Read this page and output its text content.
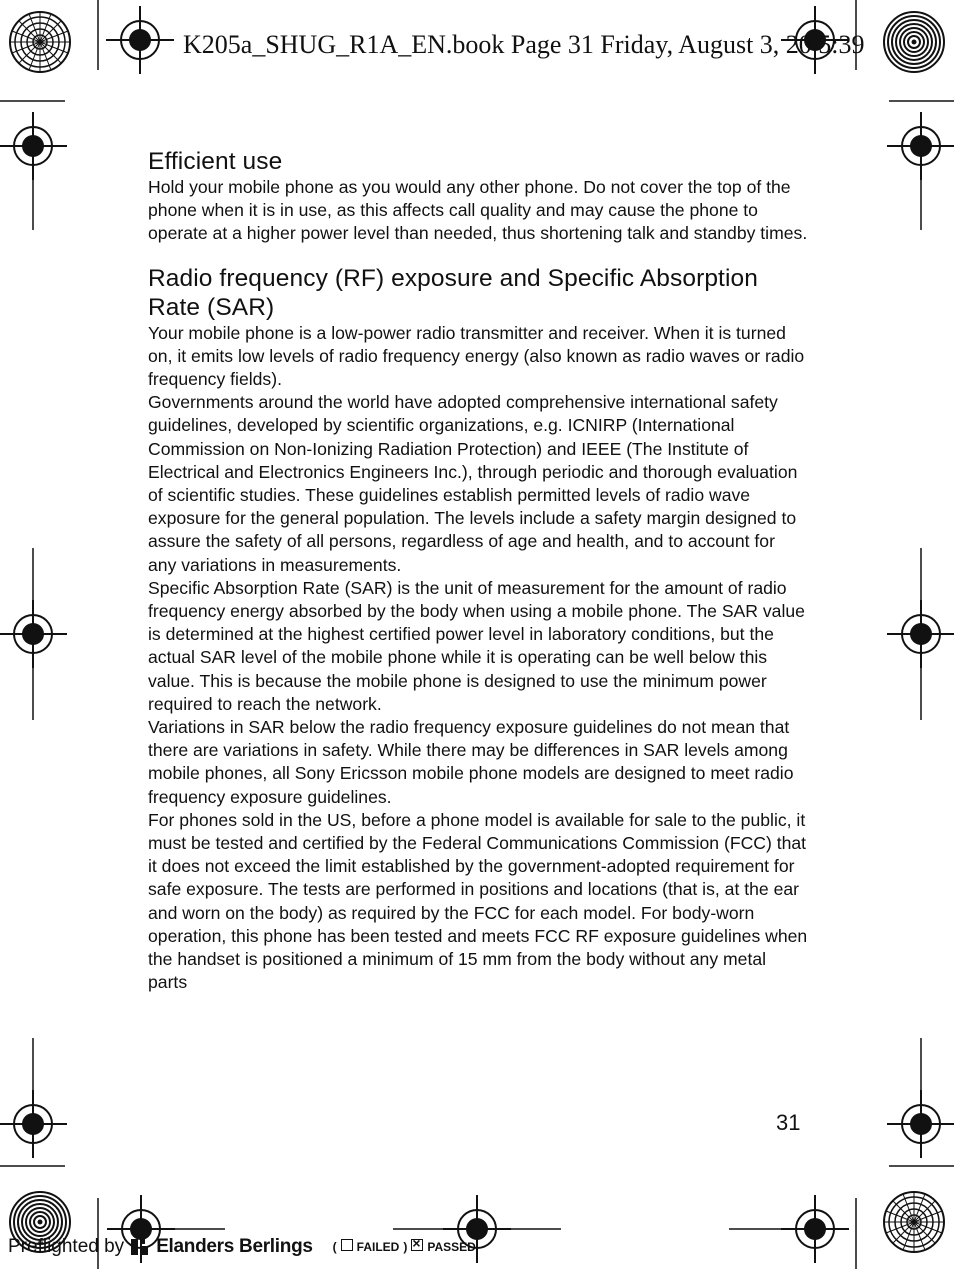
K205a_SHUG_R1A_EN.book Page 31 Friday, August 3, 20 5:39
Efficient use

Hold your mobile phone as you would any other phone. Do not cover the top of the phone when it is in use, as this affects call quality and may cause the phone to operate at a higher power level than needed, thus shortening talk and standby times.

Radio frequency (RF) exposure and Specific Absorption Rate (SAR)

Your mobile phone is a low-power radio transmitter and receiver. When it is turned on, it emits low levels of radio frequency energy (also known as radio waves or radio frequency fields).

Governments around the world have adopted comprehensive international safety guidelines, developed by scientific organizations, e.g. ICNIRP (International Commission on Non-Ionizing Radiation Protection) and IEEE (The Institute of Electrical and Electronics Engineers Inc.), through periodic and thorough evaluation of scientific studies. These guidelines establish permitted levels of radio wave exposure for the general population. The levels include a safety margin designed to assure the safety of all persons, regardless of age and health, and to account for any variations in measurements.

Specific Absorption Rate (SAR) is the unit of measurement for the amount of radio frequency energy absorbed by the body when using a mobile phone. The SAR value is determined at the highest certified power level in laboratory conditions, but the actual SAR level of the mobile phone while it is operating can be well below this value. This is because the mobile phone is designed to use the minimum power required to reach the network.

Variations in SAR below the radio frequency exposure guidelines do not mean that there are variations in safety. While there may be differences in SAR levels among mobile phones, all Sony Ericsson mobile phone models are designed to meet radio frequency exposure guidelines.

For phones sold in the US, before a phone model is available for sale to the public, it must be tested and certified by the Federal Communications Commission (FCC) that it does not exceed the limit established by the government-adopted requirement for safe exposure. The tests are performed in positions and locations (that is, at the ear and worn on the body) as required by the FCC for each model. For body-worn operation, this phone has been tested and meets FCC RF exposure guidelines when the handset is positioned a minimum of 15 mm from the body without any metal parts

31
Preflighted by Elanders Berlings ( FAILED )
× PASSED
